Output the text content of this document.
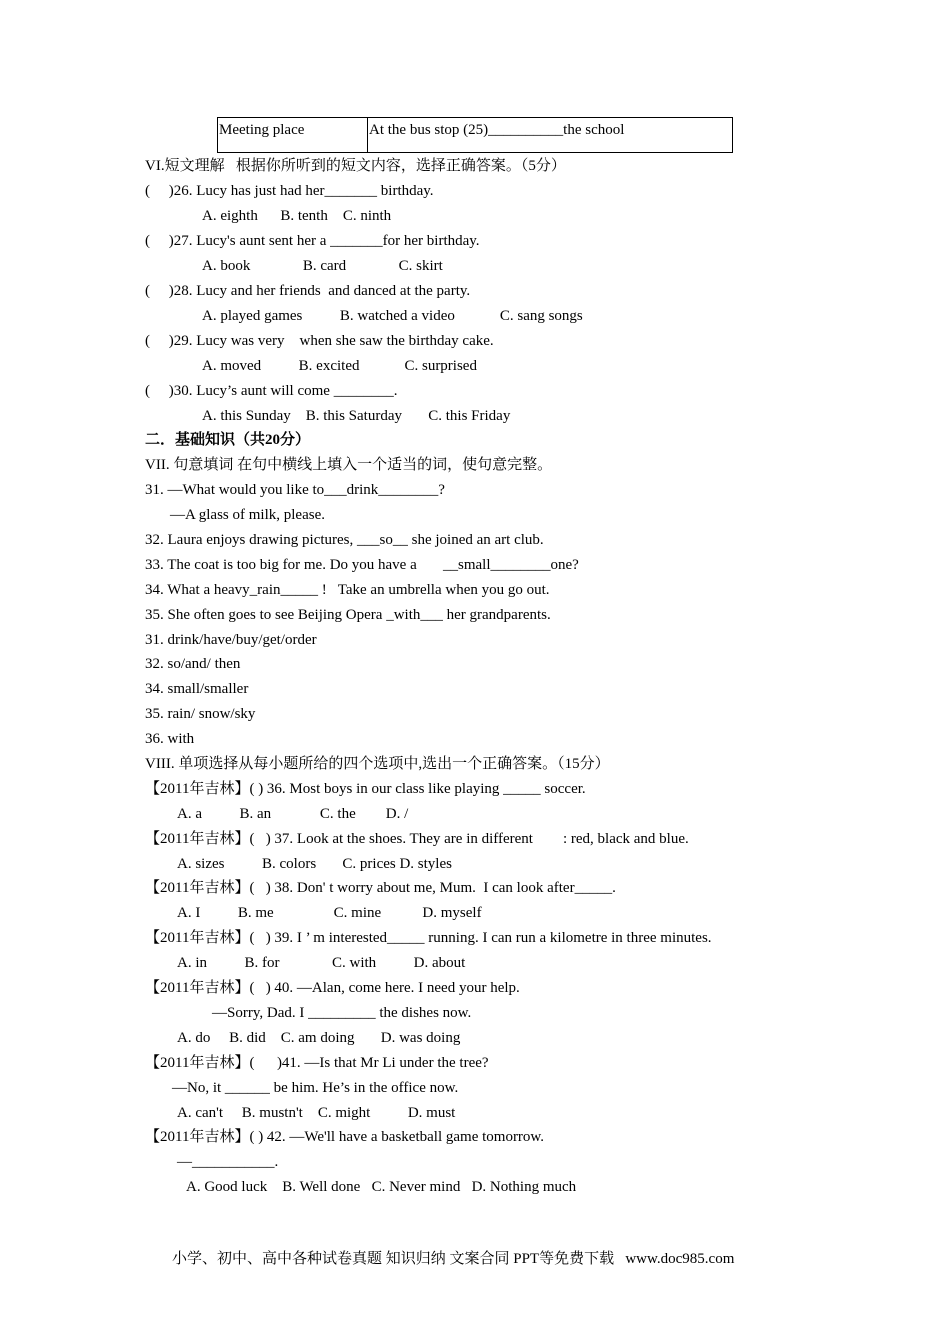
Meeting place	At the bus stop (25)__________the school
VI.短文理解   根据你所听到的短文内容，选择正确答案。（5分）
(     )26. Lucy has just had her_______ birthday.
A. eighth      B. tenth    C. ninth
(     )27. Lucy's aunt sent her a _______for her birthday.
A. book              B. card              C. skirt
(     )28. Lucy and her friends  and danced at the party.
A. played games          B. watched a video            C. sang songs
(     )29. Lucy was very    when she saw the birthday cake.
A. moved          B. excited            C. surprised
(     )30. Lucy’s aunt will come ________.
A. this Sunday    B. this Saturday       C. this Friday
二．基础知识（共20分）
VII. 句意填词 在句中横线上填入一个适当的词，使句意完整。
31. —What would you like to___drink________?
—A glass of milk, please.
32. Laura enjoys drawing pictures, ___so__ she joined an art club.
33. The coat is too big for me. Do you have a       __small________one?
34. What a heavy_rain_____ !   Take an umbrella when you go out.
35. She often goes to see Beijing Opera _with___ her grandparents.
31. drink/have/buy/get/order
32. so/and/ then
34. small/smaller
35. rain/ snow/sky
36. with
VIII. 单项选择从每小题所给的四个选项中,选出一个正确答案。（15分）
【2011年吉林】( ) 36. Most boys in our class like playing _____ soccer.
A. a          B. an             C. the        D. /
【2011年吉林】(   ) 37. Look at the shoes. They are in different        : red, black and blue.
A. sizes          B. colors       C. prices D. styles
【2011年吉林】(   ) 38. Don' t worry about me, Mum.  I can look after_____.
A. I          B. me                C. mine           D. myself
【2011年吉林】(   ) 39. I ’ m interested_____ running. I can run a kilometre in three minutes.
A. in          B. for              C. with          D. about
【2011年吉林】(   ) 40. —Alan, come here. I need your help.
—Sorry, Dad. I _________ the dishes now.
A. do     B. did    C. am doing       D. was doing
【2011年吉林】(      )41. —Is that Mr Li under the tree?
—No, it ______ be him. He’s in the office now.
A. can't     B. mustn't    C. might          D. must
【2011年吉林】( ) 42. —We'll have a basketball game tomorrow.
—___________.
A. Good luck    B. Well done   C. Never mind   D. Nothing much
小学、初中、高中各种试卷真题 知识归纳 文案合同 PPT等免费下载   www.doc985.com
